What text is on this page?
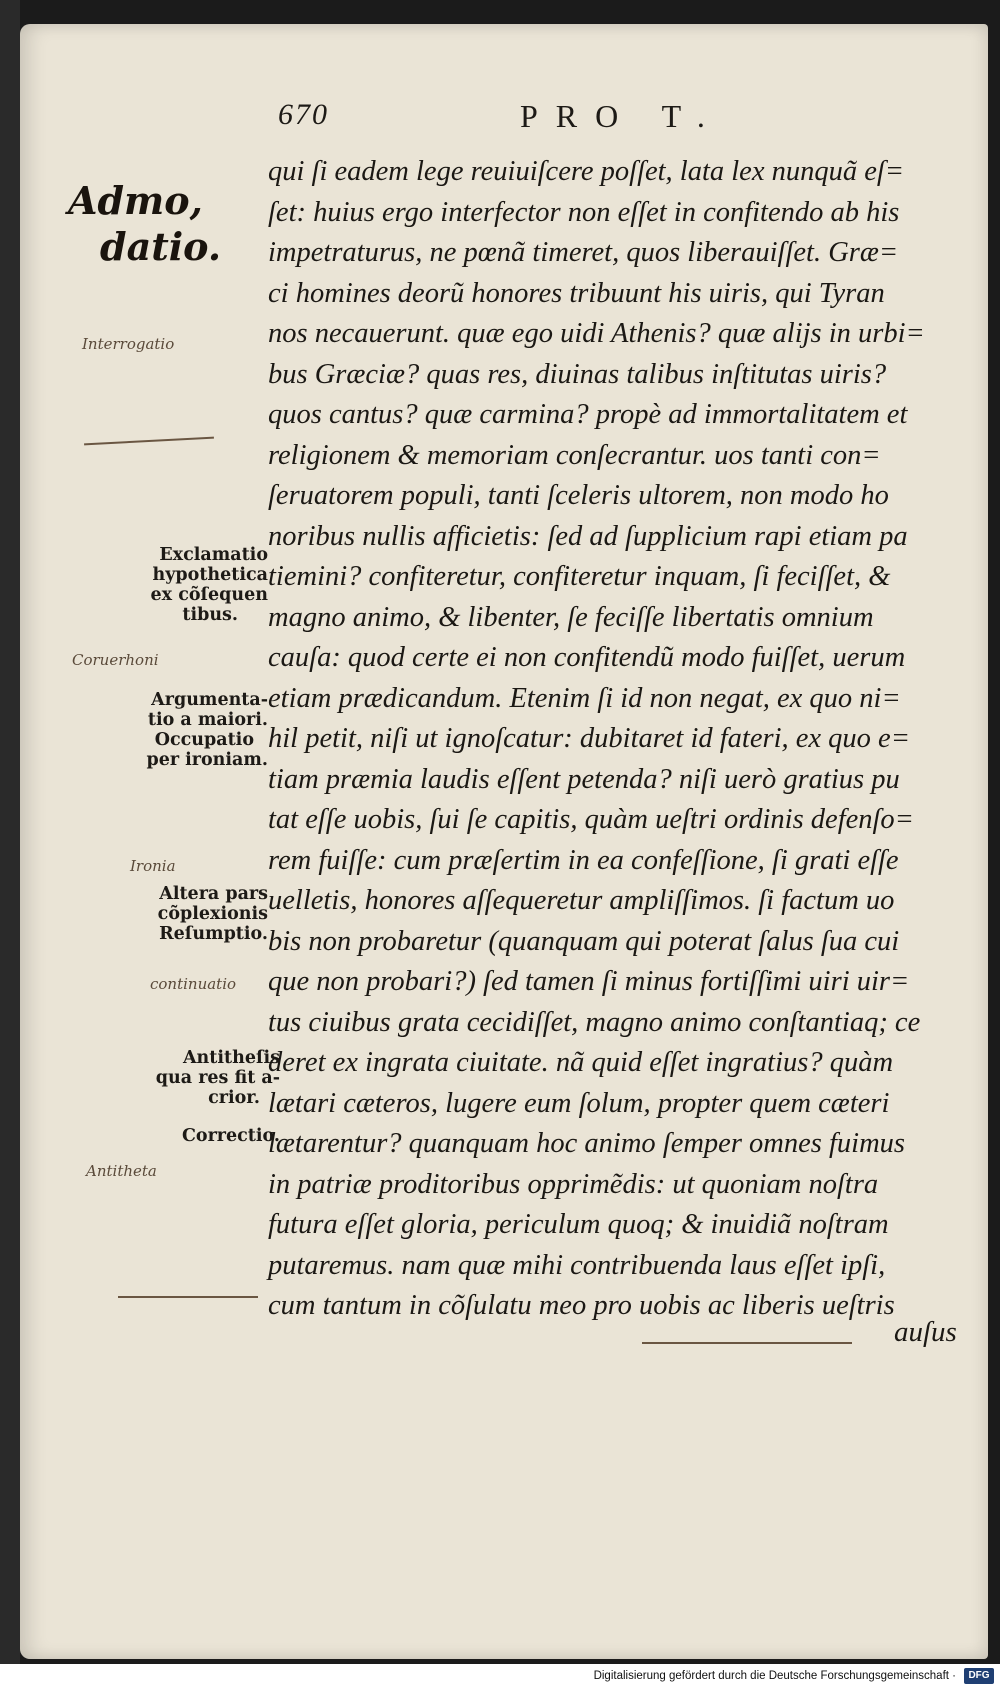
670	PRO T.
Admo,
datio.
Interrogatio
Coruerhoni
Antitheta
continuatio
Ironia
Exclamatio
hypothetica
ex cõſequen
tibus.
Argumenta‑
tio a maiori.
Occupatio
per ironiam.
Altera pars
cõplexionis
Reſumptio.
Antitheſis
qua res fit a‑
crior.
Correctio.
qui ſi eadem lege reuiuiſcere poſſet, lata lex nunquã eſ=
ſet: huius ergo interfector non eſſet in confitendo ab his
impetraturus, ne pœnã timeret, quos liberauiſſet. Græ=
ci homines deorũ honores tribuunt his uiris, qui Tyran
nos necauerunt. quæ ego uidi Athenis? quæ alijs in urbi=
bus Græciæ? quas res, diuinas talibus inſtitutas uiris?
quos cantus? quæ carmina? propè ad immortalitatem et
religionem & memoriam conſecrantur. uos tanti con=
ſeruatorem populi, tanti ſceleris ultorem, non modo ho
noribus nullis afficietis: ſed ad ſupplicium rapi etiam pa
tiemini? confiteretur, confiteretur inquam, ſi feciſſet, &
magno animo, & libenter, ſe feciſſe libertatis omnium
cauſa: quod certe ei non confitendũ modo fuiſſet, uerum
etiam prædicandum. Etenim ſi id non negat, ex quo ni=
hil petit, niſi ut ignoſcatur: dubitaret id fateri, ex quo e=
tiam præmia laudis eſſent petenda? niſi uerò gratius pu
tat eſſe uobis, ſui ſe capitis, quàm ueſtri ordinis defenſo=
rem fuiſſe: cum præſertim in ea confeſſione, ſi grati eſſe
uelletis, honores aſſequeretur ampliſſimos. ſi factum uo
bis non probaretur (quanquam qui poterat ſalus ſua cui
que non probari?) ſed tamen ſi minus fortiſſimi uiri uir=
tus ciuibus grata cecidiſſet, magno animo conſtantiaq; ce
deret ex ingrata ciuitate. nã quid eſſet ingratius? quàm
lætari cæteros, lugere eum ſolum, propter quem cæteri
lætarentur? quanquam hoc animo ſemper omnes fuimus
in patriæ proditoribus opprimẽdis: ut quoniam noſtra
futura eſſet gloria, periculum quoq; & inuidiã noſtram
putaremus. nam quæ mihi contribuenda laus eſſet ipſi,
cum tantum in cõſulatu meo pro uobis ac liberis ueſtris
auſus
Digitalisierung gefördert durch die Deutsche Forschungsgemeinschaft ·	DFG
